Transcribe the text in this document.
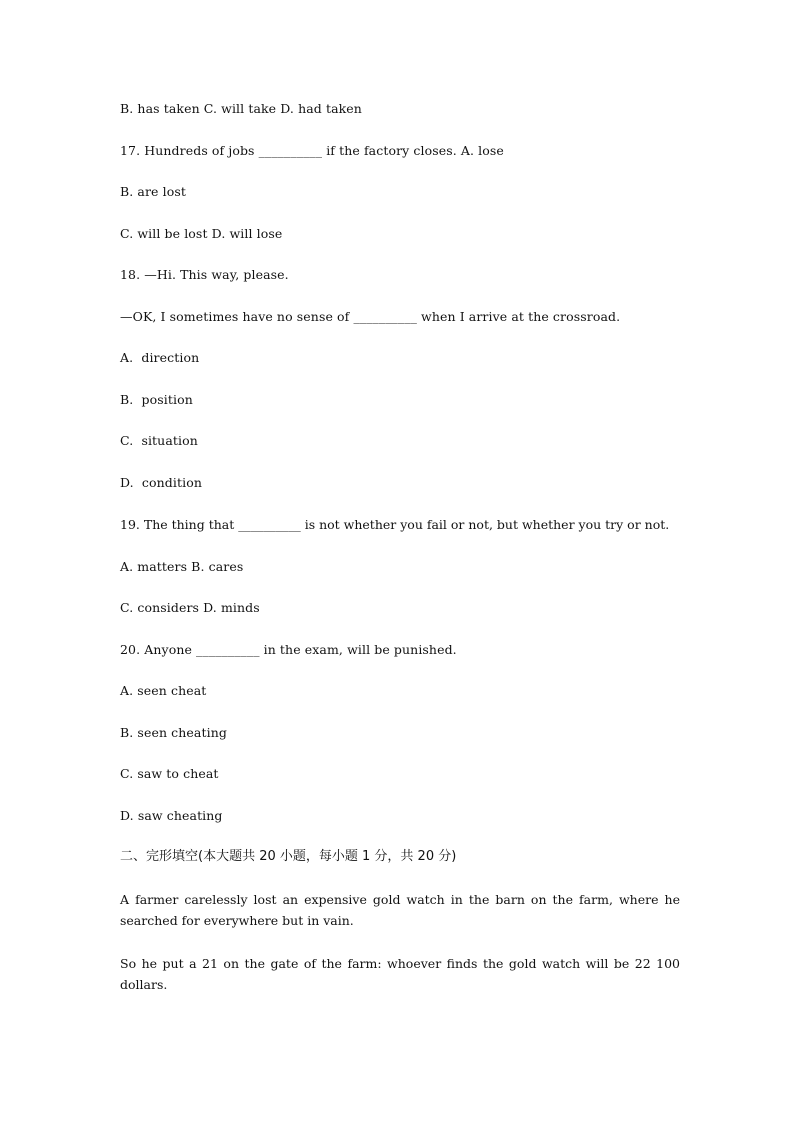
B. has taken C. will take D. had taken
17. Hundreds of jobs __________ if the factory closes. A. lose
B. are lost
C. will be lost D. will lose
18. —Hi. This way, please.
—OK, I sometimes have no sense of __________ when I arrive at the crossroad.
A.  direction
B.  position
C.  situation
D.  condition
19. The thing that __________ is not whether you fail or not, but whether you try or not.
A. matters B. cares
C. considers D. minds
20. Anyone __________ in the exam, will be punished.
A. seen cheat
B. seen cheating
C. saw to cheat
D. saw cheating
二、完形填空(本大题共 20 小题，每小题 1 分，共 20 分)
A farmer carelessly lost an expensive gold watch in the barn on the farm, where he searched for everywhere but in vain.
So he put a 21 on the gate of the farm: whoever finds the gold watch will be 22 100 dollars.
